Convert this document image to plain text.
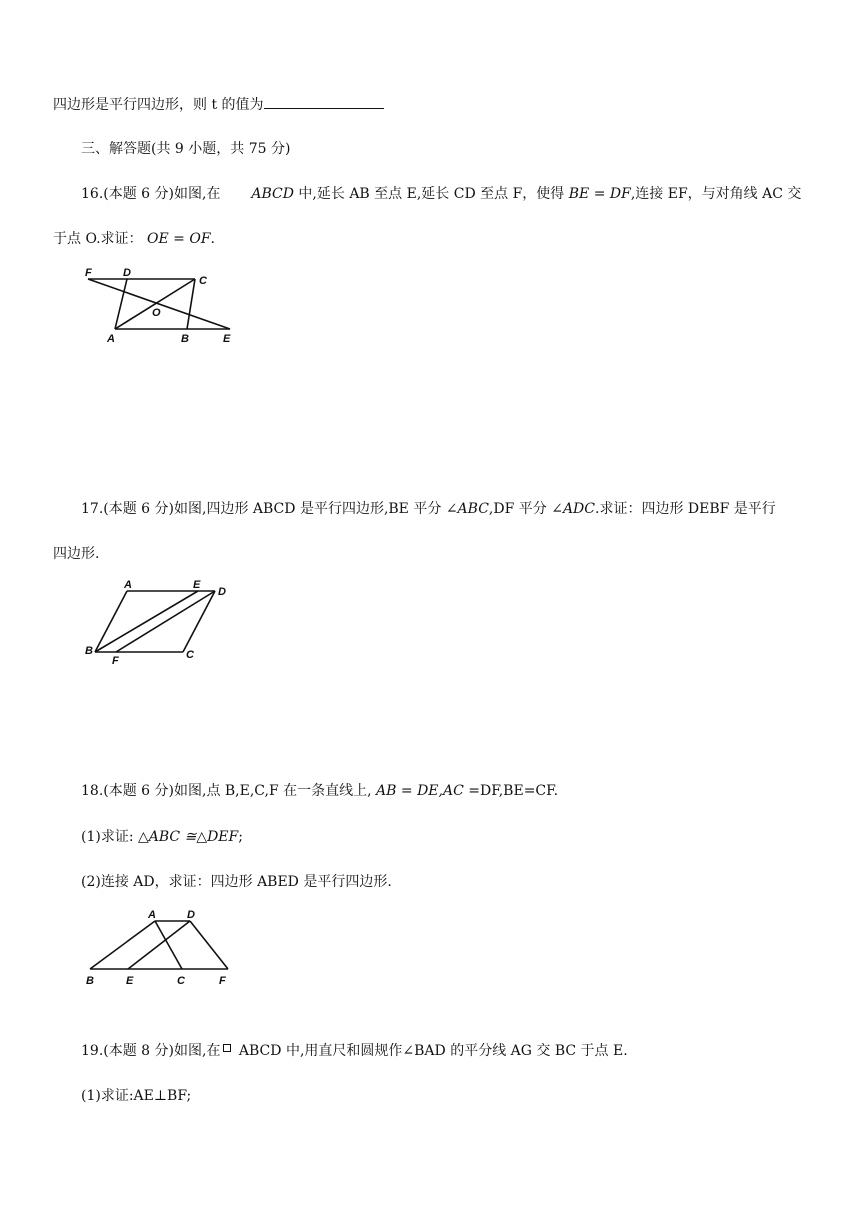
四边形是平行四边形，则 t 的值为
三、解答题(共 9 小题，共 75 分)
16.(本题 6 分)如图,在 ABCD 中,延长 AB 至点 E,延长 CD 至点 F，使得 BE = DF,连接 EF，与对角线 AC 交
于点 O.求证： OE = OF.
F	D
C
O
A	B	E
17.(本题 6 分)如图,四边形 ABCD 是平行四边形,BE 平分 ∠ABC,DF 平分 ∠ADC.求证：四边形 DEBF 是平行
四边形.
A	E
D
B
F	C
18.(本题 6 分)如图,点 B,E,C,F 在一条直线上, AB = DE,AC =DF,BE=CF.
(1)求证: △ABC ≅△DEF;
(2)连接 AD，求证：四边形 ABED 是平行四边形.
A	D
B	E	C	F
19.(本题 8 分)如图,在 ABCD 中,用直尺和圆规作∠BAD 的平分线 AG 交 BC 于点 E.
(1)求证:AE⊥BF;
